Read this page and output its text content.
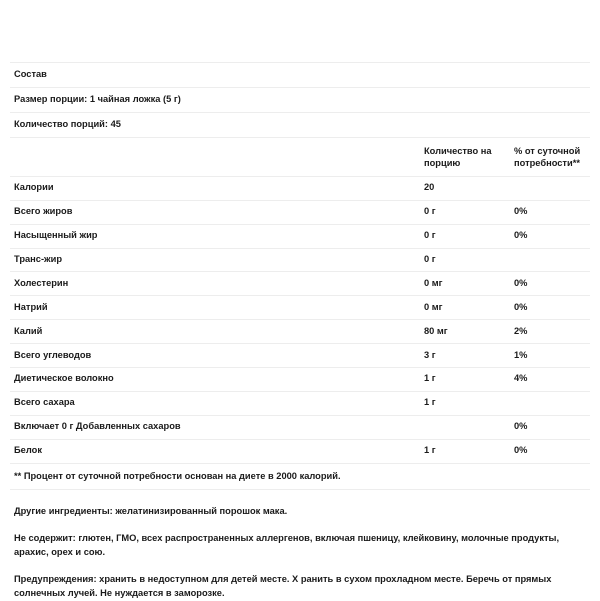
Состав		

Размер порции: 1 чайная ложка (5 г)		

Количество порций: 45		

	Количество на порцию	% от суточной потребности**

Калории	20	

Всего жиров	0 г	0%

Насыщенный жир	0 г	0%

Транс-жир	0 г	

Холестерин	0 мг	0%

Натрий	0 мг	0%

Калий	80 мг	2%

Всего углеводов	3 г	1%

Диетическое волокно	1 г	4%

Всего сахара	1 г	

Включает 0 г Добавленных сахаров		0%

Белок	1 г	0%

** Процент от суточной потребности основан на диете в 2000 калорий.		

Другие ингредиенты: желатинизированный порошок мака.

Не содержит: глютен, ГМО, всех распространенных аллергенов, включая пшеницу, клейковину, молочные продукты, арахис, орех и сою.

Предупреждения: хранить в недоступном для детей месте. Х ранить в сухом прохладном месте. Беречь от прямых солнечных лучей. Не нуждается в заморозке.
